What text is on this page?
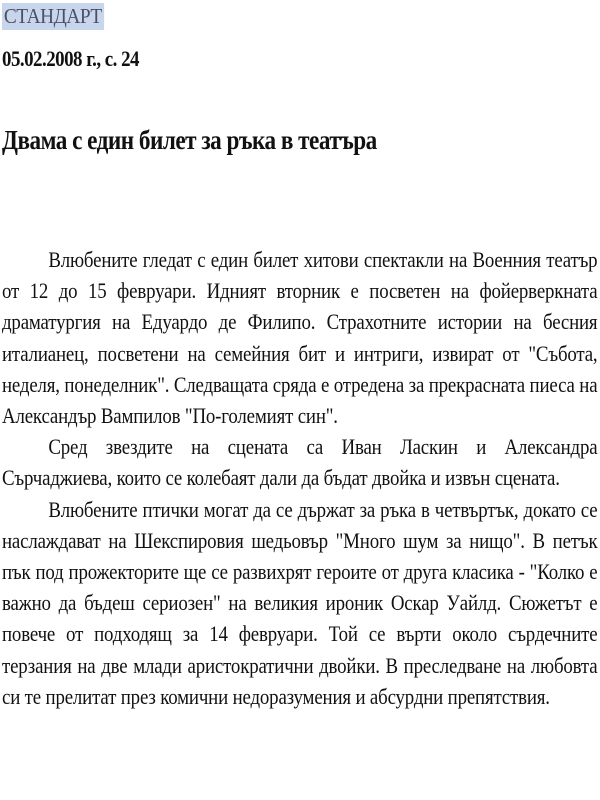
СТАНДАРТ
05.02.2008 г., с. 24
Двама с един билет за ръка в театъра

Влюбените гледат с един билет хитови спектакли на Военния театър от 12 до 15 февруари. Идният вторник е посветен на фойерверкната драматургия на Едуардо де Филипо. Страхотните истории на бесния италианец, посветени на семейния бит и интриги, извират от "Събота, неделя, понеделник". Следващата сряда е отредена за прекрасната пиеса на Александър Вампилов "По-големият син".

Сред звездите на сцената са Иван Ласкин и Александра Сърчаджиева, които се колебаят дали да бъдат двойка и извън сцената.

Влюбените птички могат да се държат за ръка в четвъртък, докато се наслаждават на Шекспировия шедьовър "Много шум за нищо". В петък пък под прожекторите ще се развихрят героите от друга класика - "Колко е важно да бъдеш сериозен" на великия ироник Оскар Уайлд. Сюжетът е повече от подходящ за 14 февруари. Той се върти около сърдечните терзания на две млади аристократични двойки. В преследване на любовта си те прелитат през комични недоразумения и абсурдни препятствия.
